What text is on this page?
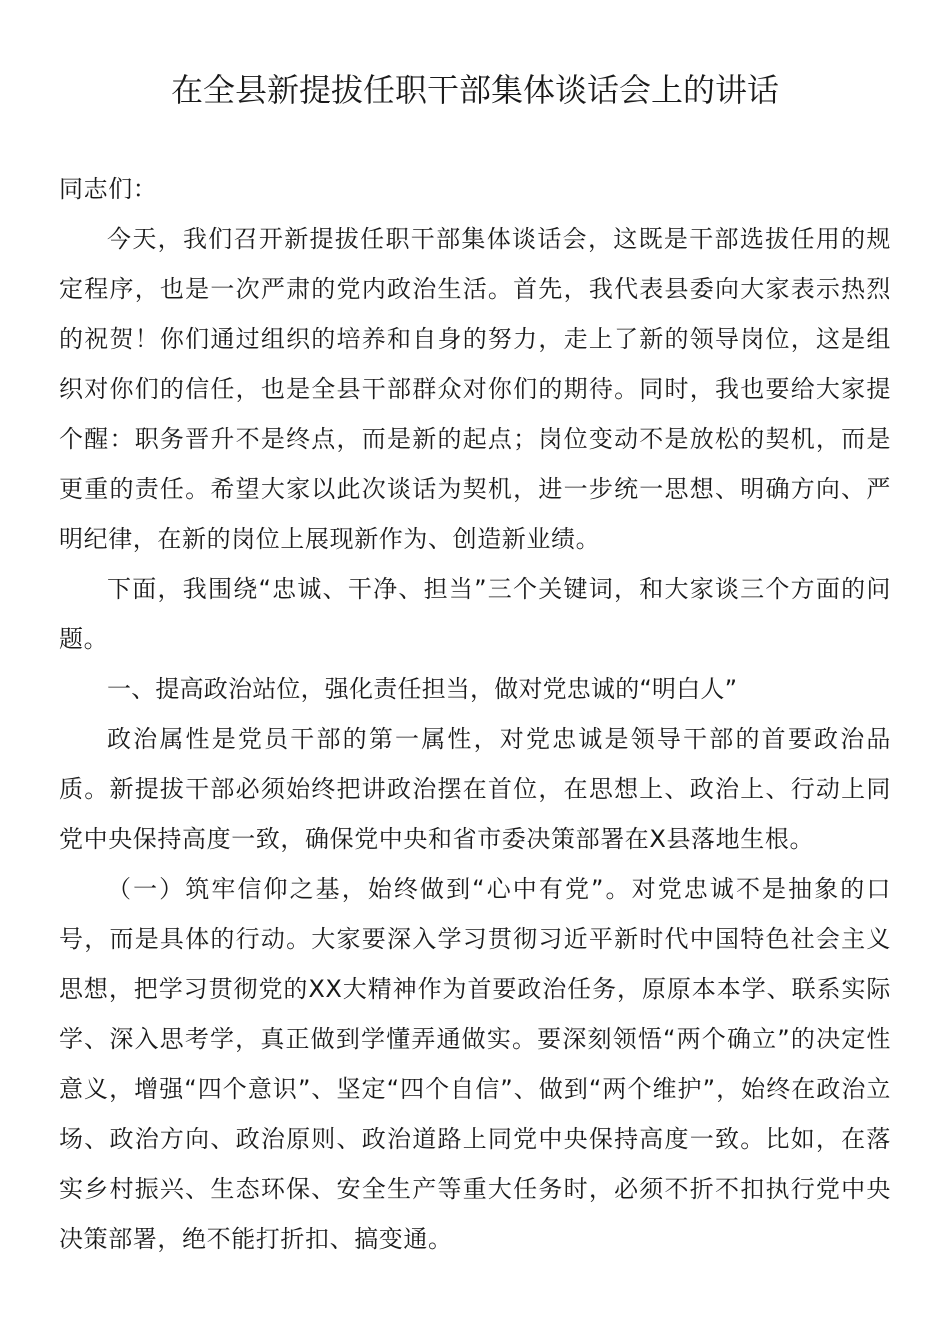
在全县新提拔任职干部集体谈话会上的讲话

同志们：

今天，我们召开新提拔任职干部集体谈话会，这既是干部选拔任用的规定程序，也是一次严肃的党内政治生活。首先，我代表县委向大家表示热烈的祝贺！你们通过组织的培养和自身的努力，走上了新的领导岗位，这是组织对你们的信任，也是全县干部群众对你们的期待。同时，我也要给大家提个醒：职务晋升不是终点，而是新的起点；岗位变动不是放松的契机，而是更重的责任。希望大家以此次谈话为契机，进一步统一思想、明确方向、严明纪律，在新的岗位上展现新作为、创造新业绩。

下面，我围绕“忠诚、干净、担当”三个关键词，和大家谈三个方面的问题。

一、提高政治站位，强化责任担当，做对党忠诚的“明白人”

政治属性是党员干部的第一属性，对党忠诚是领导干部的首要政治品质。新提拔干部必须始终把讲政治摆在首位，在思想上、政治上、行动上同党中央保持高度一致，确保党中央和省市委决策部署在X县落地生根。

（一）筑牢信仰之基，始终做到“心中有党”。对党忠诚不是抽象的口号，而是具体的行动。大家要深入学习贯彻习近平新时代中国特色社会主义思想，把学习贯彻党的XX大精神作为首要政治任务，原原本本学、联系实际学、深入思考学，真正做到学懂弄通做实。要深刻领悟“两个确立”的决定性意义，增强“四个意识”、坚定“四个自信”、做到“两个维护”，始终在政治立场、政治方向、政治原则、政治道路上同党中央保持高度一致。比如，在落实乡村振兴、生态环保、安全生产等重大任务时，必须不折不扣执行党中央决策部署，绝不能打折扣、搞变通。
